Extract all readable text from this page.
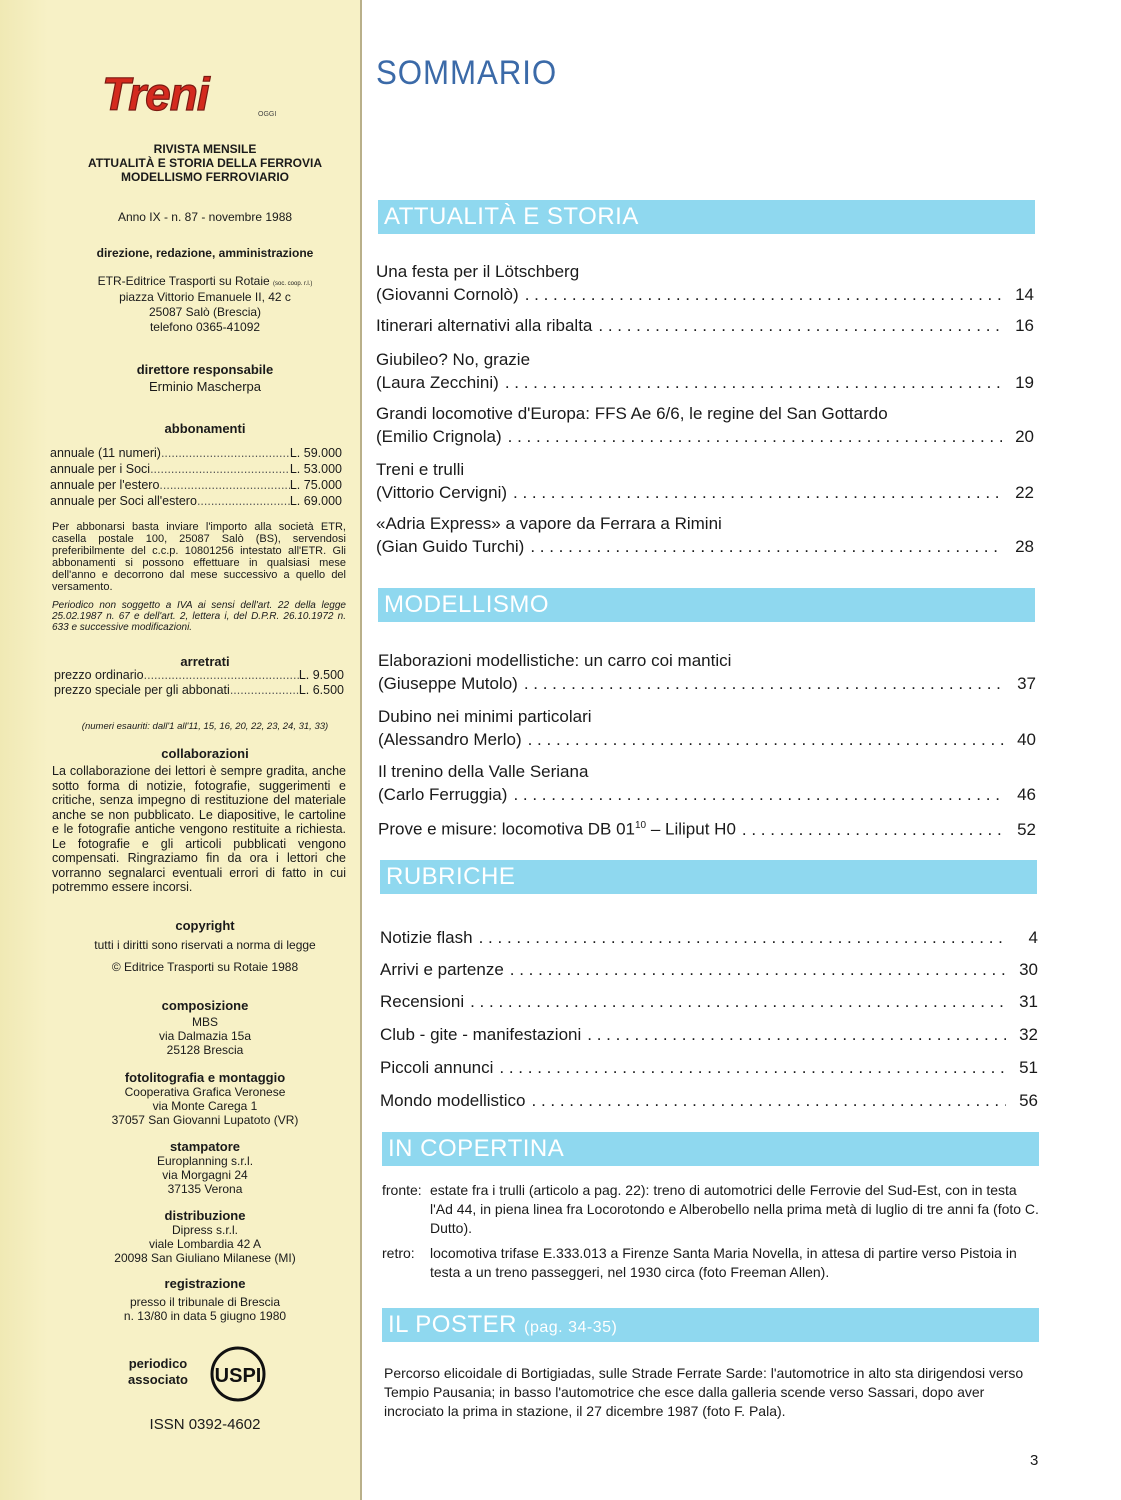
Treni	OGGI
RIVISTA MENSILE
ATTUALITÀ E STORIA DELLA FERROVIA
MODELLISMO FERROVIARIO
Anno IX - n. 87 - novembre 1988
direzione, redazione, amministrazione
ETR-Editrice Trasporti su Rotaie (soc. coop. r.l.)
piazza Vittorio Emanuele II, 42 c
25087 Salò (Brescia)
telefono 0365-41092
direttore responsabile
Erminio Mascherpa
abbonamenti
annuale (11 numeri) .....	L. 59.000
annuale per i Soci .....	L. 53.000
annuale per l'estero .....	L. 75.000
annuale per Soci all'estero .....	L. 69.000
Per abbonarsi basta inviare l'importo alla società ETR, casella postale 100, 25087 Salò (BS), servendosi preferibilmente del c.c.p. 10801256 intestato all'ETR. Gli abbonamenti si possono effettuare in qualsiasi mese dell'anno e decorrono dal mese successivo a quello del versamento.
Periodico non soggetto a IVA ai sensi dell'art. 22 della legge 25.02.1987 n. 67 e dell'art. 2, lettera i, del D.P.R. 26.10.1972 n. 633 e successive modificazioni.
arretrati
prezzo ordinario .....	L. 9.500
prezzo speciale per gli abbonati .....	L. 6.500
(numeri esauriti: dall'1 all'11, 15, 16, 20, 22, 23, 24, 31, 33)
collaborazioni
La collaborazione dei lettori è sempre gradita, anche sotto forma di notizie, fotografie, suggerimenti e critiche, senza impegno di restituzione del materiale anche se non pubblicato. Le diapositive, le cartoline e le fotografie antiche vengono restituite a richiesta. Le fotografie e gli articoli pubblicati vengono compensati. Ringraziamo fin da ora i lettori che vorranno segnalarci eventuali errori di fatto in cui potremmo essere incorsi.
copyright
tutti i diritti sono riservati a norma di legge
© Editrice Trasporti su Rotaie 1988
composizione
MBS
via Dalmazia 15a
25128 Brescia
fotolitografia e montaggio
Cooperativa Grafica Veronese
via Monte Carega 1
37057 San Giovanni Lupatoto (VR)
stampatore
Europlanning s.r.l.
via Morgagni 24
37135 Verona
distribuzione
Dipress s.r.l.
viale Lombardia 42 A
20098 San Giuliano Milanese (MI)
registrazione
presso il tribunale di Brescia
n. 13/80 in data 5 giugno 1980
periodico
associato	USPI
ISSN 0392-4602
SOMMARIO
ATTUALITÀ E STORIA
Una festa per il Lötschberg
(Giovanni Cornolò) . . .	14
Itinerari alternativi alla ribalta . . .	16
Giubileo? No, grazie
(Laura Zecchini) . . .	19
Grandi locomotive d'Europa: FFS Ae 6/6, le regine del San Gottardo
(Emilio Crignola) . . .	20
Treni e trulli
(Vittorio Cervigni) . . .	22
«Adria Express» a vapore da Ferrara a Rimini
(Gian Guido Turchi) . . .	28
MODELLISMO
Elaborazioni modellistiche: un carro coi mantici
(Giuseppe Mutolo) . . .	37
Dubino nei minimi particolari
(Alessandro Merlo) . . .	40
Il trenino della Valle Seriana
(Carlo Ferruggia) . . .	46
Prove e misure: locomotiva DB $01^{10}$ – Liliput H0 . . .	52
RUBRICHE
Notizie flash . . .	4
Arrivi e partenze . . .	30
Recensioni . . .	31
Club - gite - manifestazioni . . .	32
Piccoli annunci . . .	51
Mondo modellistico . . .	56
IN COPERTINA
fronte: estate fra i trulli (articolo a pag. 22): treno di automotrici delle Ferrovie del Sud-Est, con in testa l'Ad 44, in piena linea fra Locorotondo e Alberobello nella prima metà di luglio di tre anni fa (foto C. Dutto).
retro:	locomotiva trifase E.333.013 a Firenze Santa Maria Novella, in attesa di partire verso Pistoia in testa a un treno passeggeri, nel 1930 circa (foto Freeman Allen).
IL POSTER (pag. 34-35)
Percorso elicoidale di Bortigiadas, sulle Strade Ferrate Sarde: l'automotrice in alto sta dirigendosi verso Tempio Pausania; in basso l'automotrice che esce dalla galleria scende verso Sassari, dopo aver incrociato la prima in stazione, il 27 dicembre 1987 (foto F. Pala).
3
